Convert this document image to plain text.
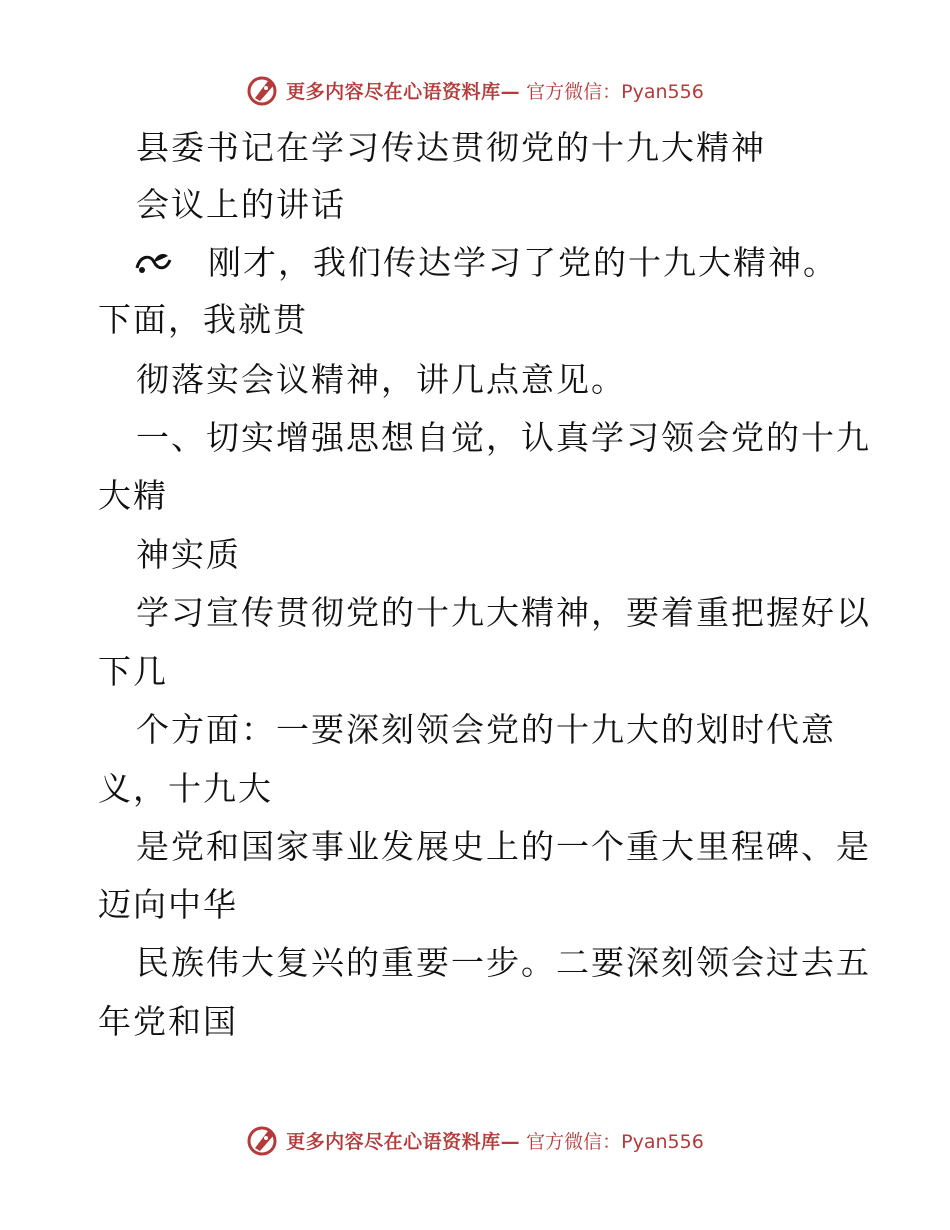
更多内容尽在心语资料库— 官方微信：Pyan556
县委书记在学习传达贯彻党的十九大精神
会议上的讲话
刚才，我们传达学习了党的十九大精神。
下面，我就贯
彻落实会议精神，讲几点意见。
一、切实增强思想自觉，认真学习领会党的十九
大精
神实质
学习宣传贯彻党的十九大精神，要着重把握好以
下几
个方面：一要深刻领会党的十九大的划时代意
义，十九大
是党和国家事业发展史上的一个重大里程碑、是
迈向中华
民族伟大复兴的重要一步。二要深刻领会过去五
年党和国
更多内容尽在心语资料库— 官方微信：Pyan556
